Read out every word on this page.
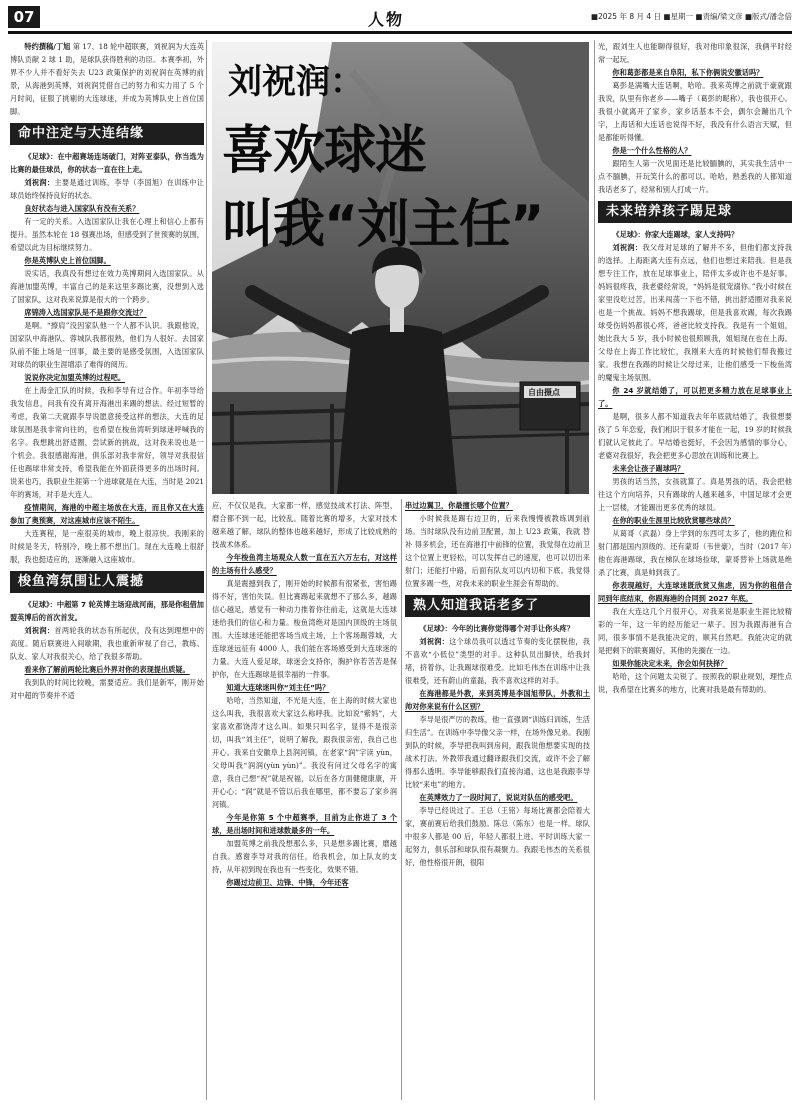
07	人物	■2025 年 8 月 4 日 ■星期一 ■责编/梁文彦 ■版式/潘念倍

特约撰稿/丁旭 第 17、18 轮中超联赛，刘祝润为大连英博队贡献 2 球 1 助，是球队获得胜利的功臣。本赛季初，外界不少人并不看好失去 U23 政策保护的刘祝润在英博的前景，从海港到英博，刘祝润凭借自己的努力和实力用了 5 个月时间，征服了挑剔的大连球迷，并成为英博队史上首位国脚。

命中注定与大连结缘

《足球》：在中超赛场连场破门，对阵亚泰队，你当选为比赛的最佳球员，你的状态一直在往上走。

刘祝润：主要是通过训练，李导（李国旭）在训练中让球员始终保持良好的状态。

良好状态与进入国家队有没有关系？

有一定的关系。入选国家队让我在心理上和信心上都有提升。虽然本轮在 18 强赛出场，但感受到了世预赛的氛围，希望以此为目标继续努力。

你是英博队史上首位国脚。

说实话，我真没有想过在效力英博期间入选国家队。从海港加盟英博，丰富自己的是来这里多踢比赛，没想到入选了国家队，这对我来说算是很大的一个跨步。

席锦涛入选国家队是不是跟你交流过？

是啊。“擦肩”没因家队他一个人都不认识。我跟他说，国家队中海港队、蓉城队我都很熟，他们为人很好。去国家队前不能上场是一回事，最主要的是感受氛围，入选国家队对球员的职业生涯增添了难得的阅历。

说说你决定加盟英博的过程吧。

在上海金汇队的时候，我和李导有过合作。年初李导给我发信息，问我有没有离开海港出来踢的想法。经过短暂的考虑，我第二天就跟李导说愿意接受这样的想法，大连的足球氛围是我非常向往的，也希望在梭鱼湾听到球迷呼喊我的名字。我想跳出舒适圈，尝试新的挑战，这对我来说也是一个机会。我很感谢海港，俱乐部对我非常好，领导对我很信任也踢球非常支持，希望我能在外面获得更多的出场时间。说来也巧，我职业生涯第一个进球就是在大连，当时是 2021 年的赛场，对手是大连人。

疫情期间，海港的中超主场放在大连，而且你又在大连参加了奥预赛，对这座城市应该不陌生。

大连赛程，是一座很美的城市，晚上很凉快。我刚来的时候是冬天，特别冷，晚上都不想出门。现在大连晚上很舒服，我也挺适应的，逐渐融入这座城市。

梭鱼湾氛围让人震撼

《足球》：中超第 7 轮英博主场迎战河南，那是你租借加盟英博后的首次首发。

刘祝润：首两轮我的状态有所起伏，没有达到理想中的高度。随后联赛进入间歇期，我也重新审视了自己，教练、队友、家人对我很关心，给了我很多帮助。

看来你了解前两轮比赛后外界对你的表现提出质疑。

我到队的时间比较晚，需要适应。我们是新军，刚开始对中超的节奏并不适

刘祝润：
喜欢球迷
叫我“刘主任”
自由摄点

应，不仅仅是我，大家都一样，感觉技战术打法、阵型、磨合都不到一起，比较乱。随着比赛的增多，大家对技术越来越了解，球队的整体也越来越好，形成了比较成熟的技战术体系。

今年梭鱼湾主场观众人数一直在五六万左右，对这样的主场有什么感受？

真是震撼到我了，刚开始的时候都有很紧张，害怕踢得不好，害怕失误。但比赛踢起来就想不了那么多，越踢信心越足，感觉有一种动力推着你往前走，这就是大连球迷给我们的信心和力量。梭鱼湾绝对是国内顶级的主场氛围。大连球迷还能把客场当成主场，上个客场踢蓉城，大连球迷远征有 4000 人，我们能在客场感受到大连球迷的力量。大连人爱足球，球迷会支持你，胸护你若苦苦是保护你，在大连踢球是很幸福的一件事。

知道大连球迷叫你“刘主任”吗？

哈哈，当然知道，不光是大连，在上海的时候大家也这么叫我，我很喜欢大家这么称呼我。比如说“紫妈”，大家喜欢都饶涛才这么叫。如果只叫名字，显得不是很亲切，叫我“刘主任”，说明了解我，跟我很亲密，我自己也开心。我来自安徽阜上县润河镇，在老家“润”字读 yùn，父母叫我“润润(yùn yùn)”。我没有问过父母名字的寓意，我自己想“祝”就是祝福，以后在各方面健健康康，开开心心；“润”就是不管以后我在哪里，都不要忘了家乡润河镇。

今年是你第 5 个中超赛季，目前为止你进了 3 个球，是出场时间和进球数最多的一年。

加盟英博之前我没想那么多，只是想多踢比赛，磨越自我。感谢李导对我的信任，给我机会，加上队友的支持，从年初到现在我也有一些变化，效果不错。

你踢过边前卫、边锋、中锋，今年还客

串过边翼卫，你最擅长哪个位置？

小时候我是踢右边卫的，后来我慢慢被教练调到前场。当时球队没有边前卫配置，加上 U23 政策，我就 替补 得多机会，还在海港打中前锋的位置，我觉得在边前卫这个位置上更轻松，可以发挥自己的速度，也可以切出来射门；还能打中路，后面有队友可以内切和下底。我觉得位置多踢一些，对我未来的职业生涯会有帮助的。

熟人知道我话老多了

《足球》：今年的比赛你觉得哪个对手让你头疼？

刘祝润：这个球员我可以透过节奏的变化摆脱他，我不喜欢“小低位”类型的对手。这种队员出脚快，给我封堵，挤着你，让我踢球很难受。比如毛伟杰在训练中让我很难受，还有蔚山的童磊，我不喜欢这样的对手。

在海港都是外教，来到英博是李国旭带队，外教和土帅对你来说有什么区别？

李导是很严厉的教练，他一直强调“训练归训练，生活归生活”。在训练中李导像父亲一样，在场外像兄弟。我刚到队的时候，李导把我叫到房间，跟我说他想要实现的技战术打法。外教带我通过翻译跟我们交流，或许不会了解得那么透明。李导能够跟我们直接沟通，这也是我跟李导比较“来电”的地方。

在英博效力了一段时间了，说说对队伍的感受吧。

李导已经说过了。王总（王铭）每场比赛都会陪着大家，赛前赛后给我们鼓励。陈总（陈东）也是一样。球队中很多人都是 00 后，年轻人都很上进。平时训练大家一起努力，俱乐部和球队很有凝聚力。我跟毛伟杰的关系很好，他性格很开朗，很阳

光，跟刘生人也能聊得很好，我对他印象很深，我俩平时经常一起玩。

你和葛彭都是来自阜阳，私下你俩说安徽话吗？

葛彭是满嘴大连话啊，哈哈。我来英博之前就于豪就跟我说，队里有你老乡——嘴子（葛彭的昵称），我也很开心。我很小就离开了家乡，家乡话基本不会，偶尔会蹦出几个字，上海话和大连话也说得不好，我没有什么语言天赋，但是都能听得懂。

你是一个什么性格的人？

跟陌生人第一次见面还是比较腼腆的，其实我生活中一点不腼腆，开玩笑什么的都可以。哈哈，熟悉我的人都知道我话老多了，经常和别人打成一片。

未来培养孩子踢足球

《足球》：你家大连踢球，家人支持吗？

刘祝润：我父母对足球的了解并不多，但他们都支持我的选择。上海距离大连有点远，他们也想过来陪我。但是我想专注工作，放在足球事业上，陪伴太多或许也不是好事。妈妈很疼我，我老婆经常说，“妈妈是很宠溺你。”我小时候在家里没吃过苦，出来闯荡一下也不错，挑出舒适圈对我来说也是一个挑战。妈妈不想我踢球，但是我喜欢踢，每次我踢球受伤妈妈都很心疼，爸爸比较支持我。我是有一个姐姐，她比我大 5 岁，我小时候也很照顾我，姐姐现在也在上海。父母在上海工作比较忙，我刚来大连的时候他们帮我搬过家。我想在我踢的时候让父母过来，让他们感受一下梭鱼湾的魔鬼主场氛围。

你 24 岁就结婚了，可以把更多精力放在足球事业上了。

是啊，很多人都不知道我去年年底就结婚了，我很想要孩了 5 年恋爱，我们相识于很多才能在一起，19 岁的时候我们就认定彼此了。早结婚也挺好，不会因为感情的事分心，老婆对我很好，我会把更多心思放在训练和比赛上。

未来会让孩子踢球吗？

男孩的话当然，女孩就算了。真是男孩的话，我会把他往这个方向培养，只有踢球的人越来越多，中国足球才会更上一层楼，才能踢出更多优秀的球员。

在你的职业生涯里比较欣赏哪些球员？

从葛哥（武磊）身上学到的东西可太多了，他的跑位和射门都是国内顶级的。还有蒙哥（韦世豪），当时（2017 年）他在海港踢球，我在梯队在球场捡球，蒙哥替补上场就是绝杀了比赛，真是帅到我了。

你表现越好，大连球迷既欣赏又焦虑，因为你的租借合同到年底结束，你跟海港的合同到 2027 年底。

我在大连这几个月很开心，对我来说是职业生涯比较精彩的一年，这一年的经历能记一辈子。因为我跟海港有合同，很多事情不是我能决定的，顺其自然吧。我能决定的就是把剩下的联赛踢好，其他的先搁在一边。

如果你能决定未来，你会如何抉择？

哈哈，这个问题太尖锐了。按照我的职业规划，理性点说，我希望在比赛多的地方，比赛对我是最有帮助的。
